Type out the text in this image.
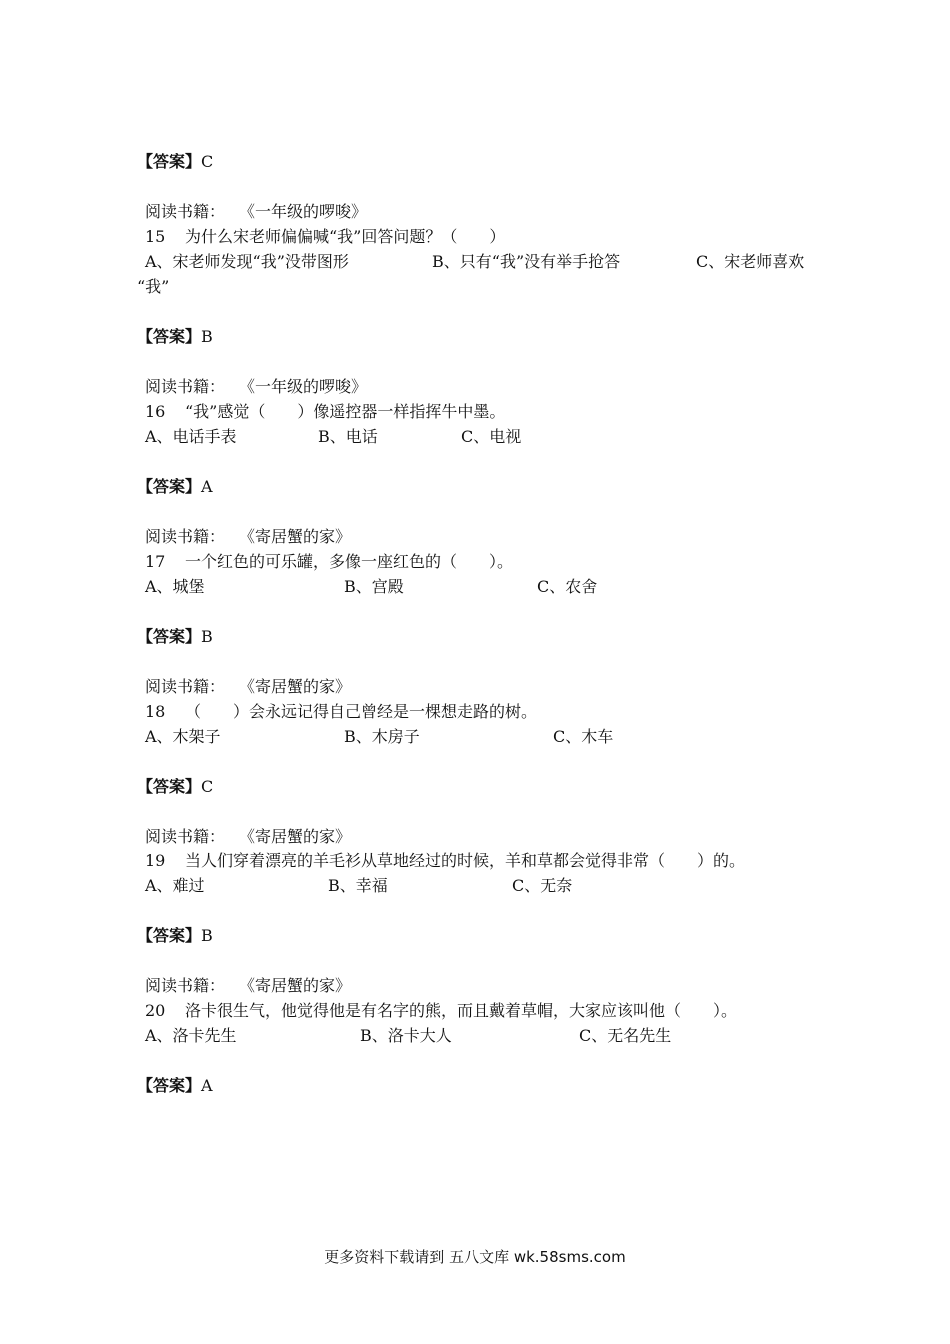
【答案】C
阅读书籍： 《一年级的啰唆》
15 为什么宋老师偏偏喊“我”回答问题？（　　）
A、宋老师发现“我”没带图形	B、只有“我”没有举手抢答	C、宋老师喜欢
“我”
【答案】B
阅读书籍： 《一年级的啰唆》
16 “我”感觉（　　）像遥控器一样指挥牛中墨。
A、电话手表	B、电话	C、电视
【答案】A
阅读书籍： 《寄居蟹的家》
17 一个红色的可乐罐，多像一座红色的（　　）。
A、城堡	B、宫殿	C、农舍
【答案】B
阅读书籍： 《寄居蟹的家》
18 （　　）会永远记得自己曾经是一棵想走路的树。
A、木架子	B、木房子	C、木车
【答案】C
阅读书籍： 《寄居蟹的家》
19 当人们穿着漂亮的羊毛衫从草地经过的时候，羊和草都会觉得非常（　　）的。
A、难过	B、幸福	C、无奈
【答案】B
阅读书籍： 《寄居蟹的家》
20 洛卡很生气，他觉得他是有名字的熊，而且戴着草帽，大家应该叫他（　　）。
A、洛卡先生	B、洛卡大人	C、无名先生
【答案】A
更多资料下载请到 五八文库 wk.58sms.com
